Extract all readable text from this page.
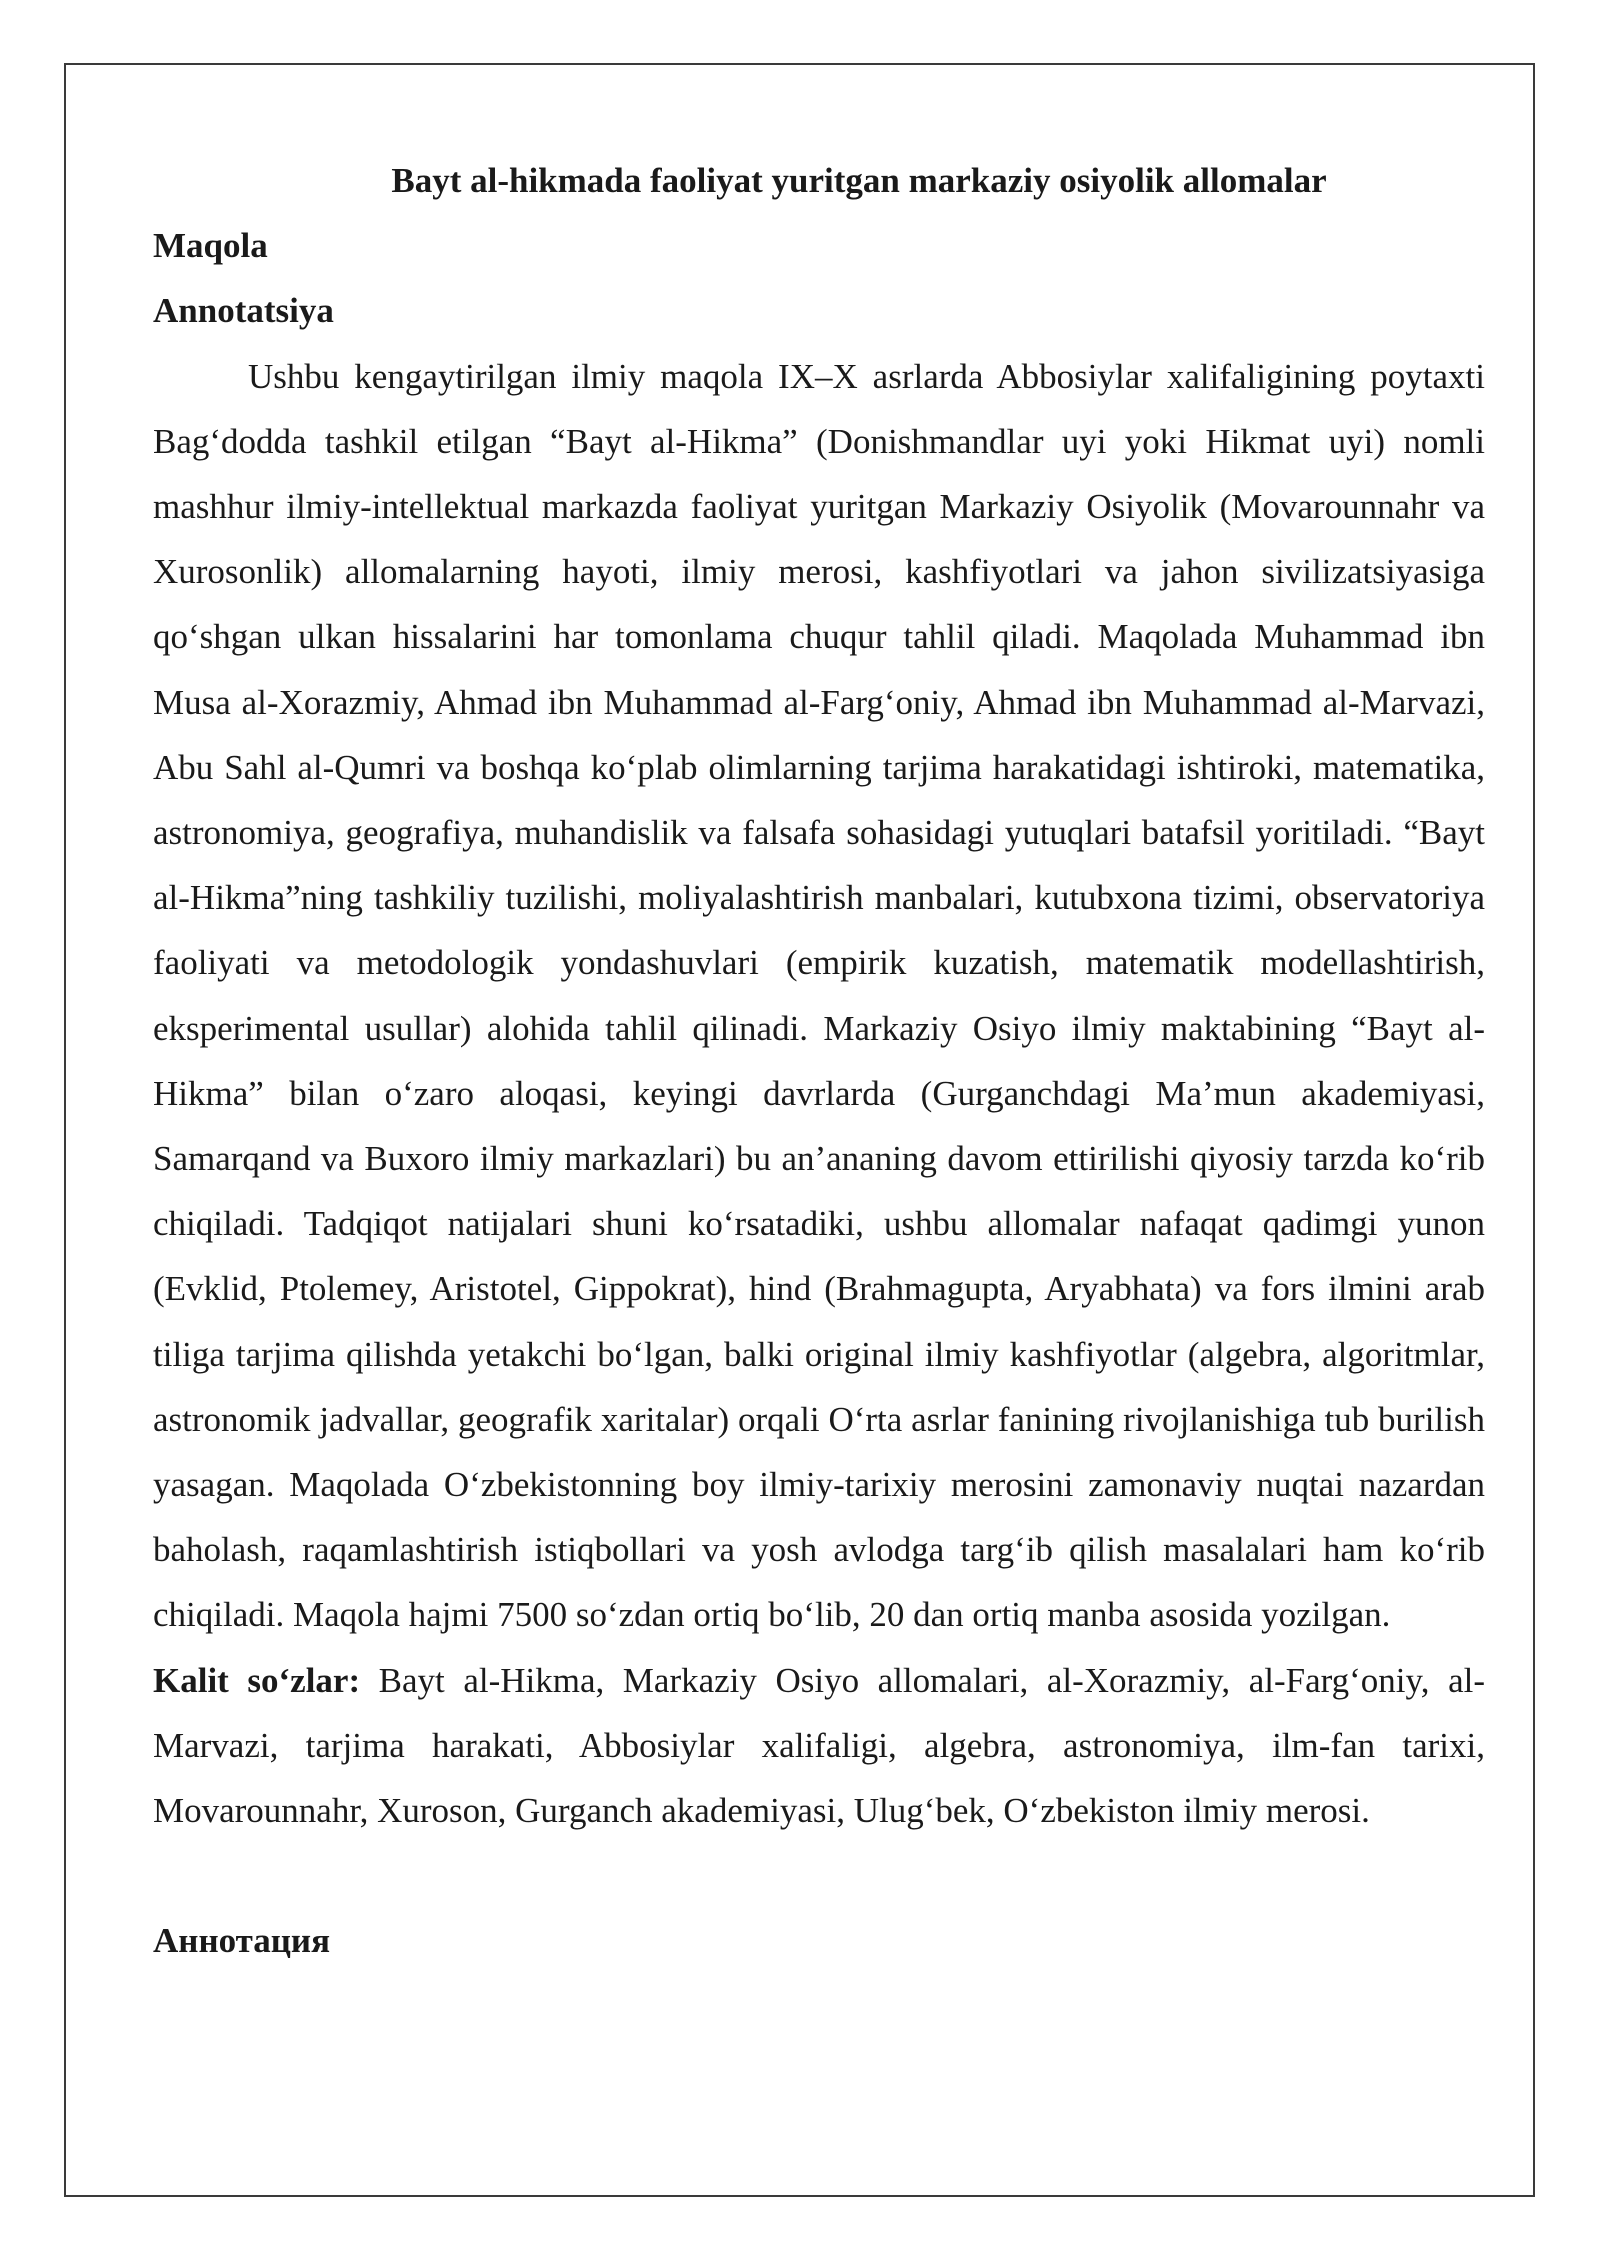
Bayt al-hikmada faoliyat yuritgan markaziy osiyolik allomalar

Maqola

Annotatsiya

Ushbu kengaytirilgan ilmiy maqola IX–X asrlarda Abbosiylar xalifaligining poytaxti Bag‘dodda tashkil etilgan “Bayt al-Hikma” (Donishmandlar uyi yoki Hikmat uyi) nomli mashhur ilmiy-intellektual markazda faoliyat yuritgan Markaziy Osiyolik (Movarounnahr va Xurosonlik) allomalarning hayoti, ilmiy merosi, kashfiyotlari va jahon sivilizatsiyasiga qo‘shgan ulkan hissalarini har tomonlama chuqur tahlil qiladi. Maqolada Muhammad ibn Musa al-Xorazmiy, Ahmad ibn Muhammad al-Farg‘oniy, Ahmad ibn Muhammad al-Marvazi, Abu Sahl al-Qumri va boshqa ko‘plab olimlarning tarjima harakatidagi ishtiroki, matematika, astronomiya, geografiya, muhandislik va falsafa sohasidagi yutuqlari batafsil yoritiladi. “Bayt al-Hikma”ning tashkiliy tuzilishi, moliyalashtirish manbalari, kutubxona tizimi, observatoriya faoliyati va metodologik yondashuvlari (empirik kuzatish, matematik modellashtirish, eksperimental usullar) alohida tahlil qilinadi. Markaziy Osiyo ilmiy maktabining “Bayt al-Hikma” bilan o‘zaro aloqasi, keyingi davrlarda (Gurganchdagi Ma’mun akademiyasi, Samarqand va Buxoro ilmiy markazlari) bu an’ananing davom ettirilishi qiyosiy tarzda ko‘rib chiqiladi. Tadqiqot natijalari shuni ko‘rsatadiki, ushbu allomalar nafaqat qadimgi yunon (Evklid, Ptolemey, Aristotel, Gippokrat), hind (Brahmagupta, Aryabhata) va fors ilmini arab tiliga tarjima qilishda yetakchi bo‘lgan, balki original ilmiy kashfiyotlar (algebra, algoritmlar, astronomik jadvallar, geografik xaritalar) orqali O‘rta asrlar fanining rivojlanishiga tub burilish yasagan. Maqolada O‘zbekistonning boy ilmiy-tarixiy merosini zamonaviy nuqtai nazardan baholash, raqamlashtirish istiqbollari va yosh avlodga targ‘ib qilish masalalari ham ko‘rib chiqiladi. Maqola hajmi 7500 so‘zdan ortiq bo‘lib, 20 dan ortiq manba asosida yozilgan.

Kalit so‘zlar: Bayt al-Hikma, Markaziy Osiyo allomalari, al-Xorazmiy, al-Farg‘oniy, al-Marvazi, tarjima harakati, Abbosiylar xalifaligi, algebra, astronomiya, ilm-fan tarixi, Movarounnahr, Xuroson, Gurganch akademiyasi, Ulug‘bek, O‘zbekiston ilmiy merosi.

Аннотация
